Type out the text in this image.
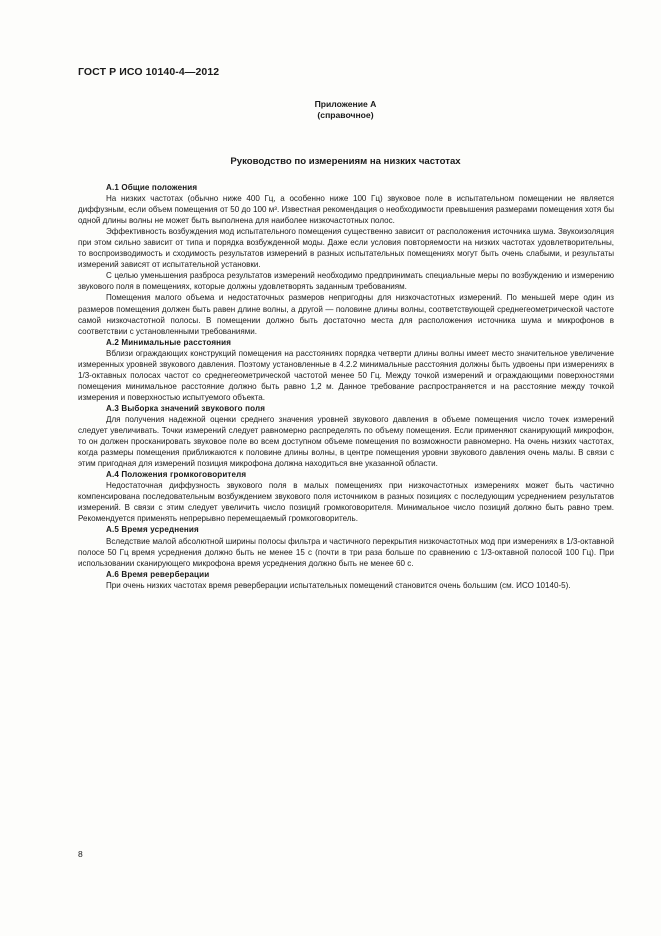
ГОСТ Р ИСО 10140-4—2012
Приложение А
(справочное)
Руководство по измерениям на низких частотах
А.1 Общие положения

На низких частотах (обычно ниже 400 Гц, а особенно ниже 100 Гц) звуковое поле в испытательном помещении не является диффузным, если объем помещения от 50 до 100 м³. Известная рекомендация о необходимости превышения размерами помещения хотя бы одной длины волны не может быть выполнена для наиболее низкочастотных полос.

Эффективность возбуждения мод испытательного помещения существенно зависит от расположения источника шума. Звукоизоляция при этом сильно зависит от типа и порядка возбужденной моды. Даже если условия повторяемости на низких частотах удовлетворительны, то воспроизводимость и сходимость результатов измерений в разных испытательных помещениях могут быть очень слабыми, и результаты измерений зависят от испытательной установки.

С целью уменьшения разброса результатов измерений необходимо предпринимать специальные меры по возбуждению и измерению звукового поля в помещениях, которые должны удовлетворять заданным требованиям.

Помещения малого объема и недостаточных размеров непригодны для низкочастотных измерений. По меньшей мере один из размеров помещения должен быть равен длине волны, а другой — половине длины волны, соответствующей среднегеометрической частоте самой низкочастотной полосы. В помещении должно быть достаточно места для расположения источника шума и микрофонов в соответствии с установленными требованиями.

А.2 Минимальные расстояния

Вблизи ограждающих конструкций помещения на расстояниях порядка четверти длины волны имеет место значительное увеличение измеренных уровней звукового давления. Поэтому установленные в 4.2.2 минимальные расстояния должны быть удвоены при измерениях в 1/3-октавных полосах частот со среднегеометрической частотой менее 50 Гц. Между точкой измерений и ограждающими поверхностями помещения минимальное расстояние должно быть равно 1,2 м. Данное требование распространяется и на расстояние между точкой измерения и поверхностью испытуемого объекта.

А.3 Выборка значений звукового поля

Для получения надежной оценки среднего значения уровней звукового давления в объеме помещения число точек измерений следует увеличивать. Точки измерений следует равномерно распределять по объему помещения. Если применяют сканирующий микрофон, то он должен просканировать звуковое поле во всем доступном объеме помещения по возможности равномерно. На очень низких частотах, когда размеры помещения приближаются к половине длины волны, в центре помещения уровни звукового давления очень малы. В связи с этим пригодная для измерений позиция микрофона должна находиться вне указанной области.

А.4 Положения громкоговорителя

Недостаточная диффузность звукового поля в малых помещениях при низкочастотных измерениях может быть частично компенсирована последовательным возбуждением звукового поля источником в разных позициях с последующим усреднением результатов измерений. В связи с этим следует увеличить число позиций громкоговорителя. Минимальное число позиций должно быть равно трем. Рекомендуется применять непрерывно перемещаемый громкоговоритель.

А.5 Время усреднения

Вследствие малой абсолютной ширины полосы фильтра и частичного перекрытия низкочастотных мод при измерениях в 1/3-октавной полосе 50 Гц время усреднения должно быть не менее 15 с (почти в три раза больше по сравнению с 1/3-октавной полосой 100 Гц). При использовании сканирующего микрофона время усреднения должно быть не менее 60 с.

А.6 Время реверберации

При очень низких частотах время реверберации испытательных помещений становится очень большим (см. ИСО 10140-5).

8
